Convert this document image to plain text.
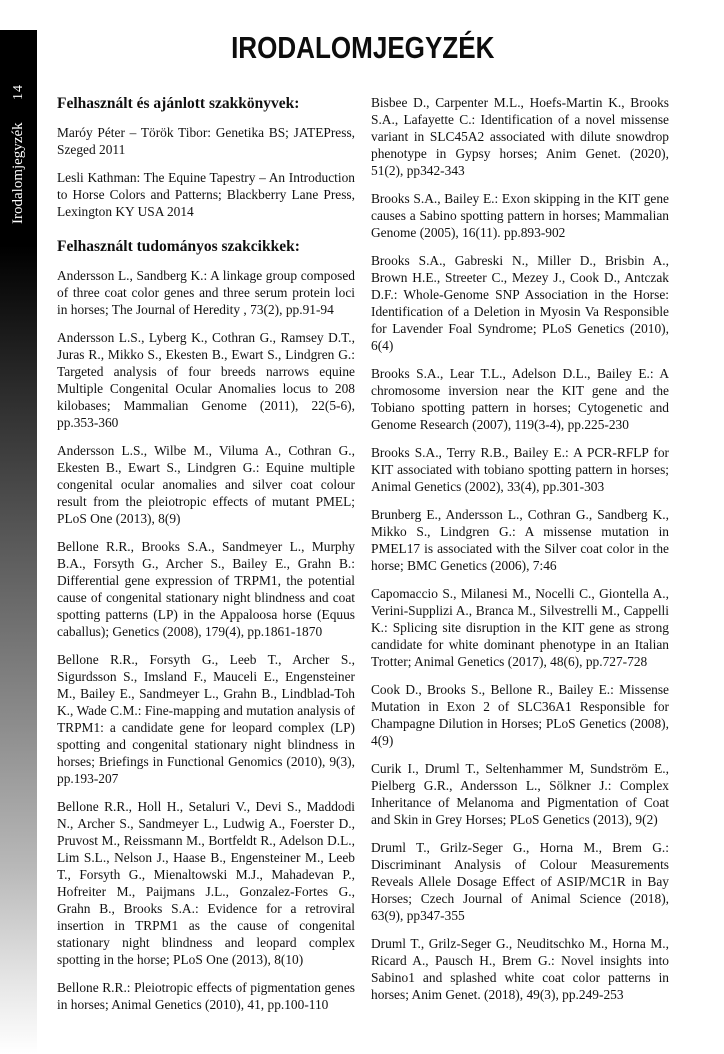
14
Irodalomjegyzék
IRODALOMJEGYZÉK
Felhasznált és ajánlott szakkönyvek:

Maróy Péter – Török Tibor: Genetika BS; JATEPress, Szeged 2011

Lesli Kathman: The Equine Tapestry – An Introduction to Horse Colors and Patterns; Blackberry Lane Press, Lexington KY USA 2014

Felhasznált tudományos szakcikkek:

Andersson L., Sandberg K.: A linkage group composed of three coat color genes and three serum protein loci in horses; The Journal of Heredity , 73(2), pp.91-94

Andersson L.S., Lyberg K., Cothran G., Ramsey D.T., Juras R., Mikko S., Ekesten B., Ewart S., Lindgren G.: Targeted analysis of four breeds narrows equine Multiple Congenital Ocular Anomalies locus to 208 kilobases; Mammalian Genome (2011), 22(5-6), pp.353-360

Andersson L.S., Wilbe M., Viluma A., Cothran G., Ekesten B., Ewart S., Lindgren G.: Equine multiple congenital ocular anomalies and silver coat colour result from the pleiotropic effects of mutant PMEL; PLoS One (2013), 8(9)

Bellone R.R., Brooks S.A., Sandmeyer L., Murphy B.A., Forsyth G., Archer S., Bailey E., Grahn B.: Differential gene expression of TRPM1, the potential cause of congenital stationary night blindness and coat spotting patterns (LP) in the Appaloosa horse (Equus caballus); Genetics (2008), 179(4), pp.1861-1870

Bellone R.R., Forsyth G., Leeb T., Archer S., Sigurdsson S., Imsland F., Mauceli E., Engensteiner M., Bailey E., Sandmeyer L., Grahn B., Lindblad-Toh K., Wade C.M.: Fine-mapping and mutation analysis of TRPM1: a candidate gene for leopard complex (LP) spotting and congenital stationary night blindness in horses; Briefings in Functional Genomics (2010), 9(3), pp.193-207

Bellone R.R., Holl H., Setaluri V., Devi S., Maddodi N., Archer S., Sandmeyer L., Ludwig A., Foerster D., Pruvost M., Reissmann M., Bortfeldt R., Adelson D.L., Lim S.L., Nelson J., Haase B., Engensteiner M., Leeb T., Forsyth G., Mienaltowski M.J., Mahadevan P., Hofreiter M., Paijmans J.L., Gonzalez-Fortes G., Grahn B., Brooks S.A.: Evidence for a retroviral insertion in TRPM1 as the cause of congenital stationary night blindness and leopard complex spotting in the horse; PLoS One (2013), 8(10)

Bellone R.R.: Pleiotropic effects of pigmentation genes in horses; Animal Genetics (2010), 41, pp.100-110

Bisbee D., Carpenter M.L., Hoefs-Martin K., Brooks S.A., Lafayette C.: Identification of a novel missense variant in SLC45A2 associated with dilute snowdrop phenotype in Gypsy horses; Anim Genet. (2020), 51(2), pp342-343

Brooks S.A., Bailey E.: Exon skipping in the KIT gene causes a Sabino spotting pattern in horses; Mammalian Genome (2005), 16(11). pp.893-902

Brooks S.A., Gabreski N., Miller D., Brisbin A., Brown H.E., Streeter C., Mezey J., Cook D., Antczak D.F.: Whole-Genome SNP Association in the Horse: Identification of a Deletion in Myosin Va Responsible for Lavender Foal Syndrome; PLoS Genetics (2010), 6(4)

Brooks S.A., Lear T.L., Adelson D.L., Bailey E.: A chromosome inversion near the KIT gene and the Tobiano spotting pattern in horses; Cytogenetic and Genome Research (2007), 119(3-4), pp.225-230

Brooks S.A., Terry R.B., Bailey E.: A PCR-RFLP for KIT associated with tobiano spotting pattern in horses; Animal Genetics (2002), 33(4), pp.301-303

Brunberg E., Andersson L., Cothran G., Sandberg K., Mikko S., Lindgren G.: A missense mutation in PMEL17 is associated with the Silver coat color in the horse; BMC Genetics (2006), 7:46

Capomaccio S., Milanesi M., Nocelli C., Giontella A., Verini-Supplizi A., Branca M., Silvestrelli M., Cappelli K.: Splicing site disruption in the KIT gene as strong candidate for white dominant phenotype in an Italian Trotter; Animal Genetics (2017), 48(6), pp.727-728

Cook D., Brooks S., Bellone R., Bailey E.: Missense Mutation in Exon 2 of SLC36A1 Responsible for Champagne Dilution in Horses; PLoS Genetics (2008), 4(9)

Curik I., Druml T., Seltenhammer M, Sundström E., Pielberg G.R., Andersson L., Sölkner J.: Complex Inheritance of Melanoma and Pigmentation of Coat and Skin in Grey Horses; PLoS Genetics (2013), 9(2)

Druml T., Grilz-Seger G., Horna M., Brem G.: Discriminant Analysis of Colour Measurements Reveals Allele Dosage Effect of ASIP/MC1R in Bay Horses; Czech Journal of Animal Science (2018), 63(9), pp347-355

Druml T., Grilz-Seger G., Neuditschko M., Horna M., Ricard A., Pausch H., Brem G.: Novel insights into Sabino1 and splashed white coat color patterns in horses; Anim Genet. (2018), 49(3), pp.249-253
